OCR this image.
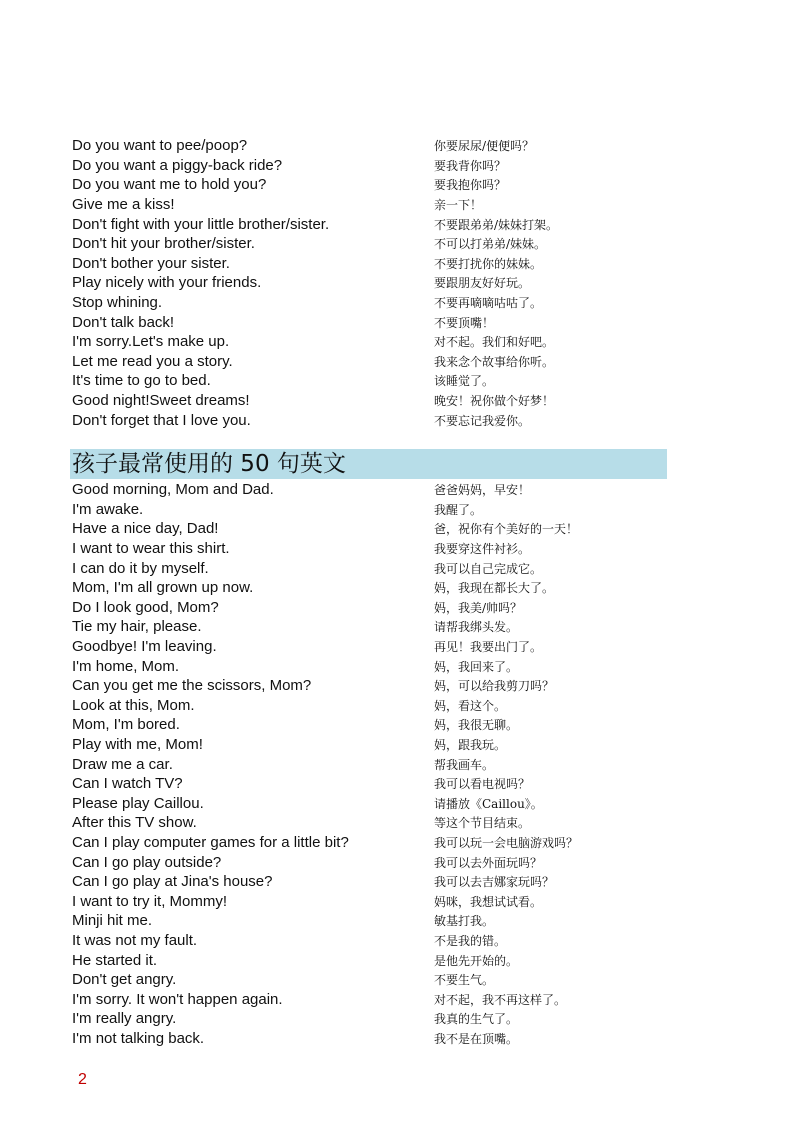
Do you want to pee/poop?	你要尿尿/便便吗？
Do you want a piggy-back ride?	要我背你吗？
Do you want me to hold you?	要我抱你吗？
Give me a kiss!	亲一下！
Don't fight with your little brother/sister.	不要跟弟弟/妹妹打架。
Don't hit your brother/sister.	不可以打弟弟/妹妹。
Don't bother your sister.	不要打扰你的妹妹。
Play nicely with your friends.	要跟朋友好好玩。
Stop whining.	不要再嘀嘀咕咕了。
Don't talk back!	不要顶嘴！
I'm sorry.Let's make up.	对不起。我们和好吧。
Let me read you a story.	我来念个故事给你听。
It's time to go to bed.	该睡觉了。
Good night!Sweet dreams!	晚安！祝你做个好梦！
Don't forget that I love you.	不要忘记我爱你。
孩子最常使用的 50 句英文
Good morning, Mom and Dad.	爸爸妈妈，早安！
I'm awake.	我醒了。
Have a nice day, Dad!	爸，祝你有个美好的一天！
I want to wear this shirt.	我要穿这件衬衫。
I can do it by myself.	我可以自己完成它。
Mom, I'm all grown up now.	妈，我现在都长大了。
Do I look good, Mom?	妈，我美/帅吗？
Tie my hair, please.	请帮我绑头发。
Goodbye! I'm leaving.	再见！我要出门了。
I'm home, Mom.	妈，我回来了。
Can you get me the scissors, Mom?	妈，可以给我剪刀吗？
Look at this, Mom.	妈，看这个。
Mom, I'm bored.	妈，我很无聊。
Play with me, Mom!	妈，跟我玩。
Draw me a car.	帮我画车。
Can I watch TV?	我可以看电视吗？
Please play Caillou.	请播放《Caillou》。
After this TV show.	等这个节目结束。
Can I play computer games for a little bit?	我可以玩一会电脑游戏吗？
Can I go play outside?	我可以去外面玩吗？
Can I go play at Jina's house?	我可以去吉娜家玩吗？
I want to try it, Mommy!	妈咪，我想试试看。
Minji hit me.	敏基打我。
It was not my fault.	不是我的错。
He started it.	是他先开始的。
Don't get angry.	不要生气。
I'm sorry. It won't happen again.	对不起，我不再这样了。
I'm really angry.	我真的生气了。
I'm not talking back.	我不是在顶嘴。
2
